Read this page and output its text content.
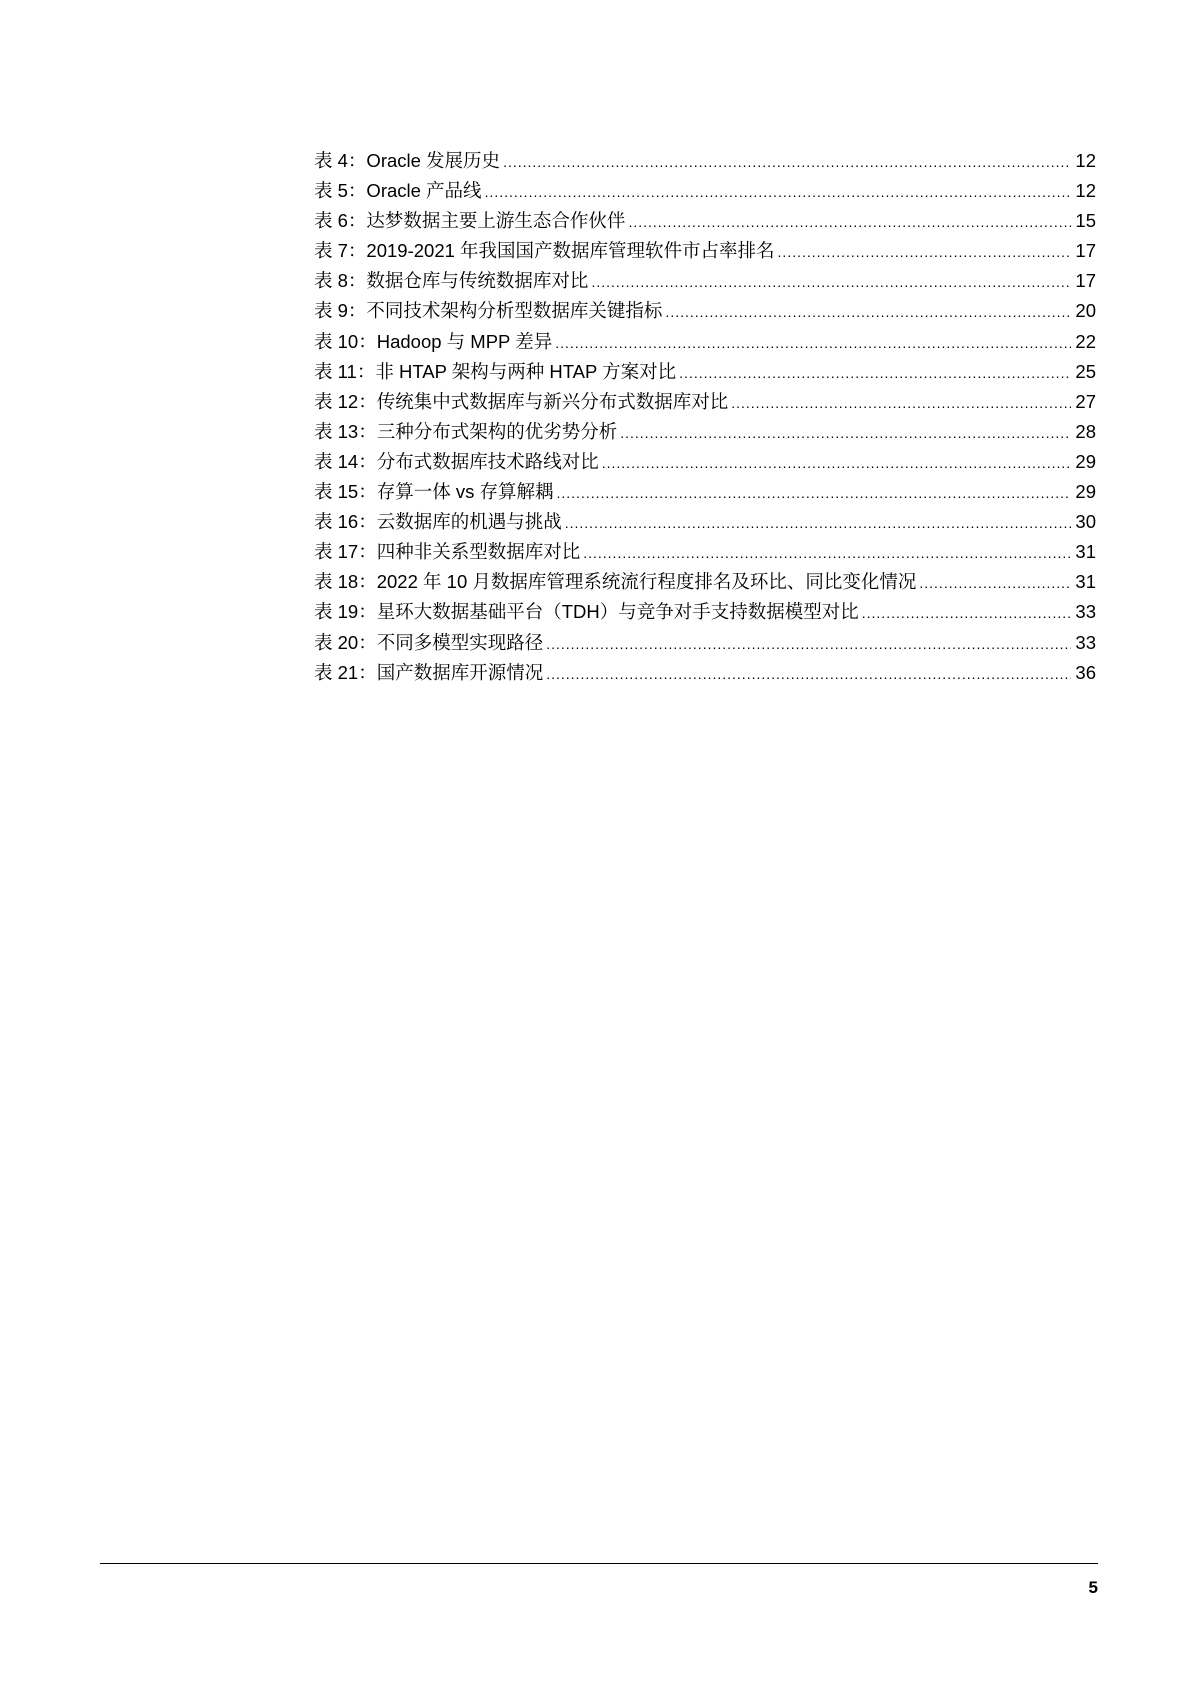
表 4：Oracle 发展历史 .....	12
表 5：Oracle 产品线 .....	12
表 6：达梦数据主要上游生态合作伙伴 .....	15
表 7：2019-2021 年我国国产数据库管理软件市占率排名 .....	17
表 8：数据仓库与传统数据库对比 .....	17
表 9：不同技术架构分析型数据库关键指标 .....	20
表 10：Hadoop 与 MPP 差异 .....	22
表 11：非 HTAP 架构与两种 HTAP 方案对比 .....	25
表 12：传统集中式数据库与新兴分布式数据库对比 .....	27
表 13：三种分布式架构的优劣势分析 .....	28
表 14：分布式数据库技术路线对比 .....	29
表 15：存算一体 vs 存算解耦 .....	29
表 16：云数据库的机遇与挑战 .....	30
表 17：四种非关系型数据库对比 .....	31
表 18：2022 年 10 月数据库管理系统流行程度排名及环比、同比变化情况 .....	31
表 19：星环大数据基础平台（TDH）与竞争对手支持数据模型对比 .....	33
表 20：不同多模型实现路径 .....	33
表 21：国产数据库开源情况 .....	36
5
